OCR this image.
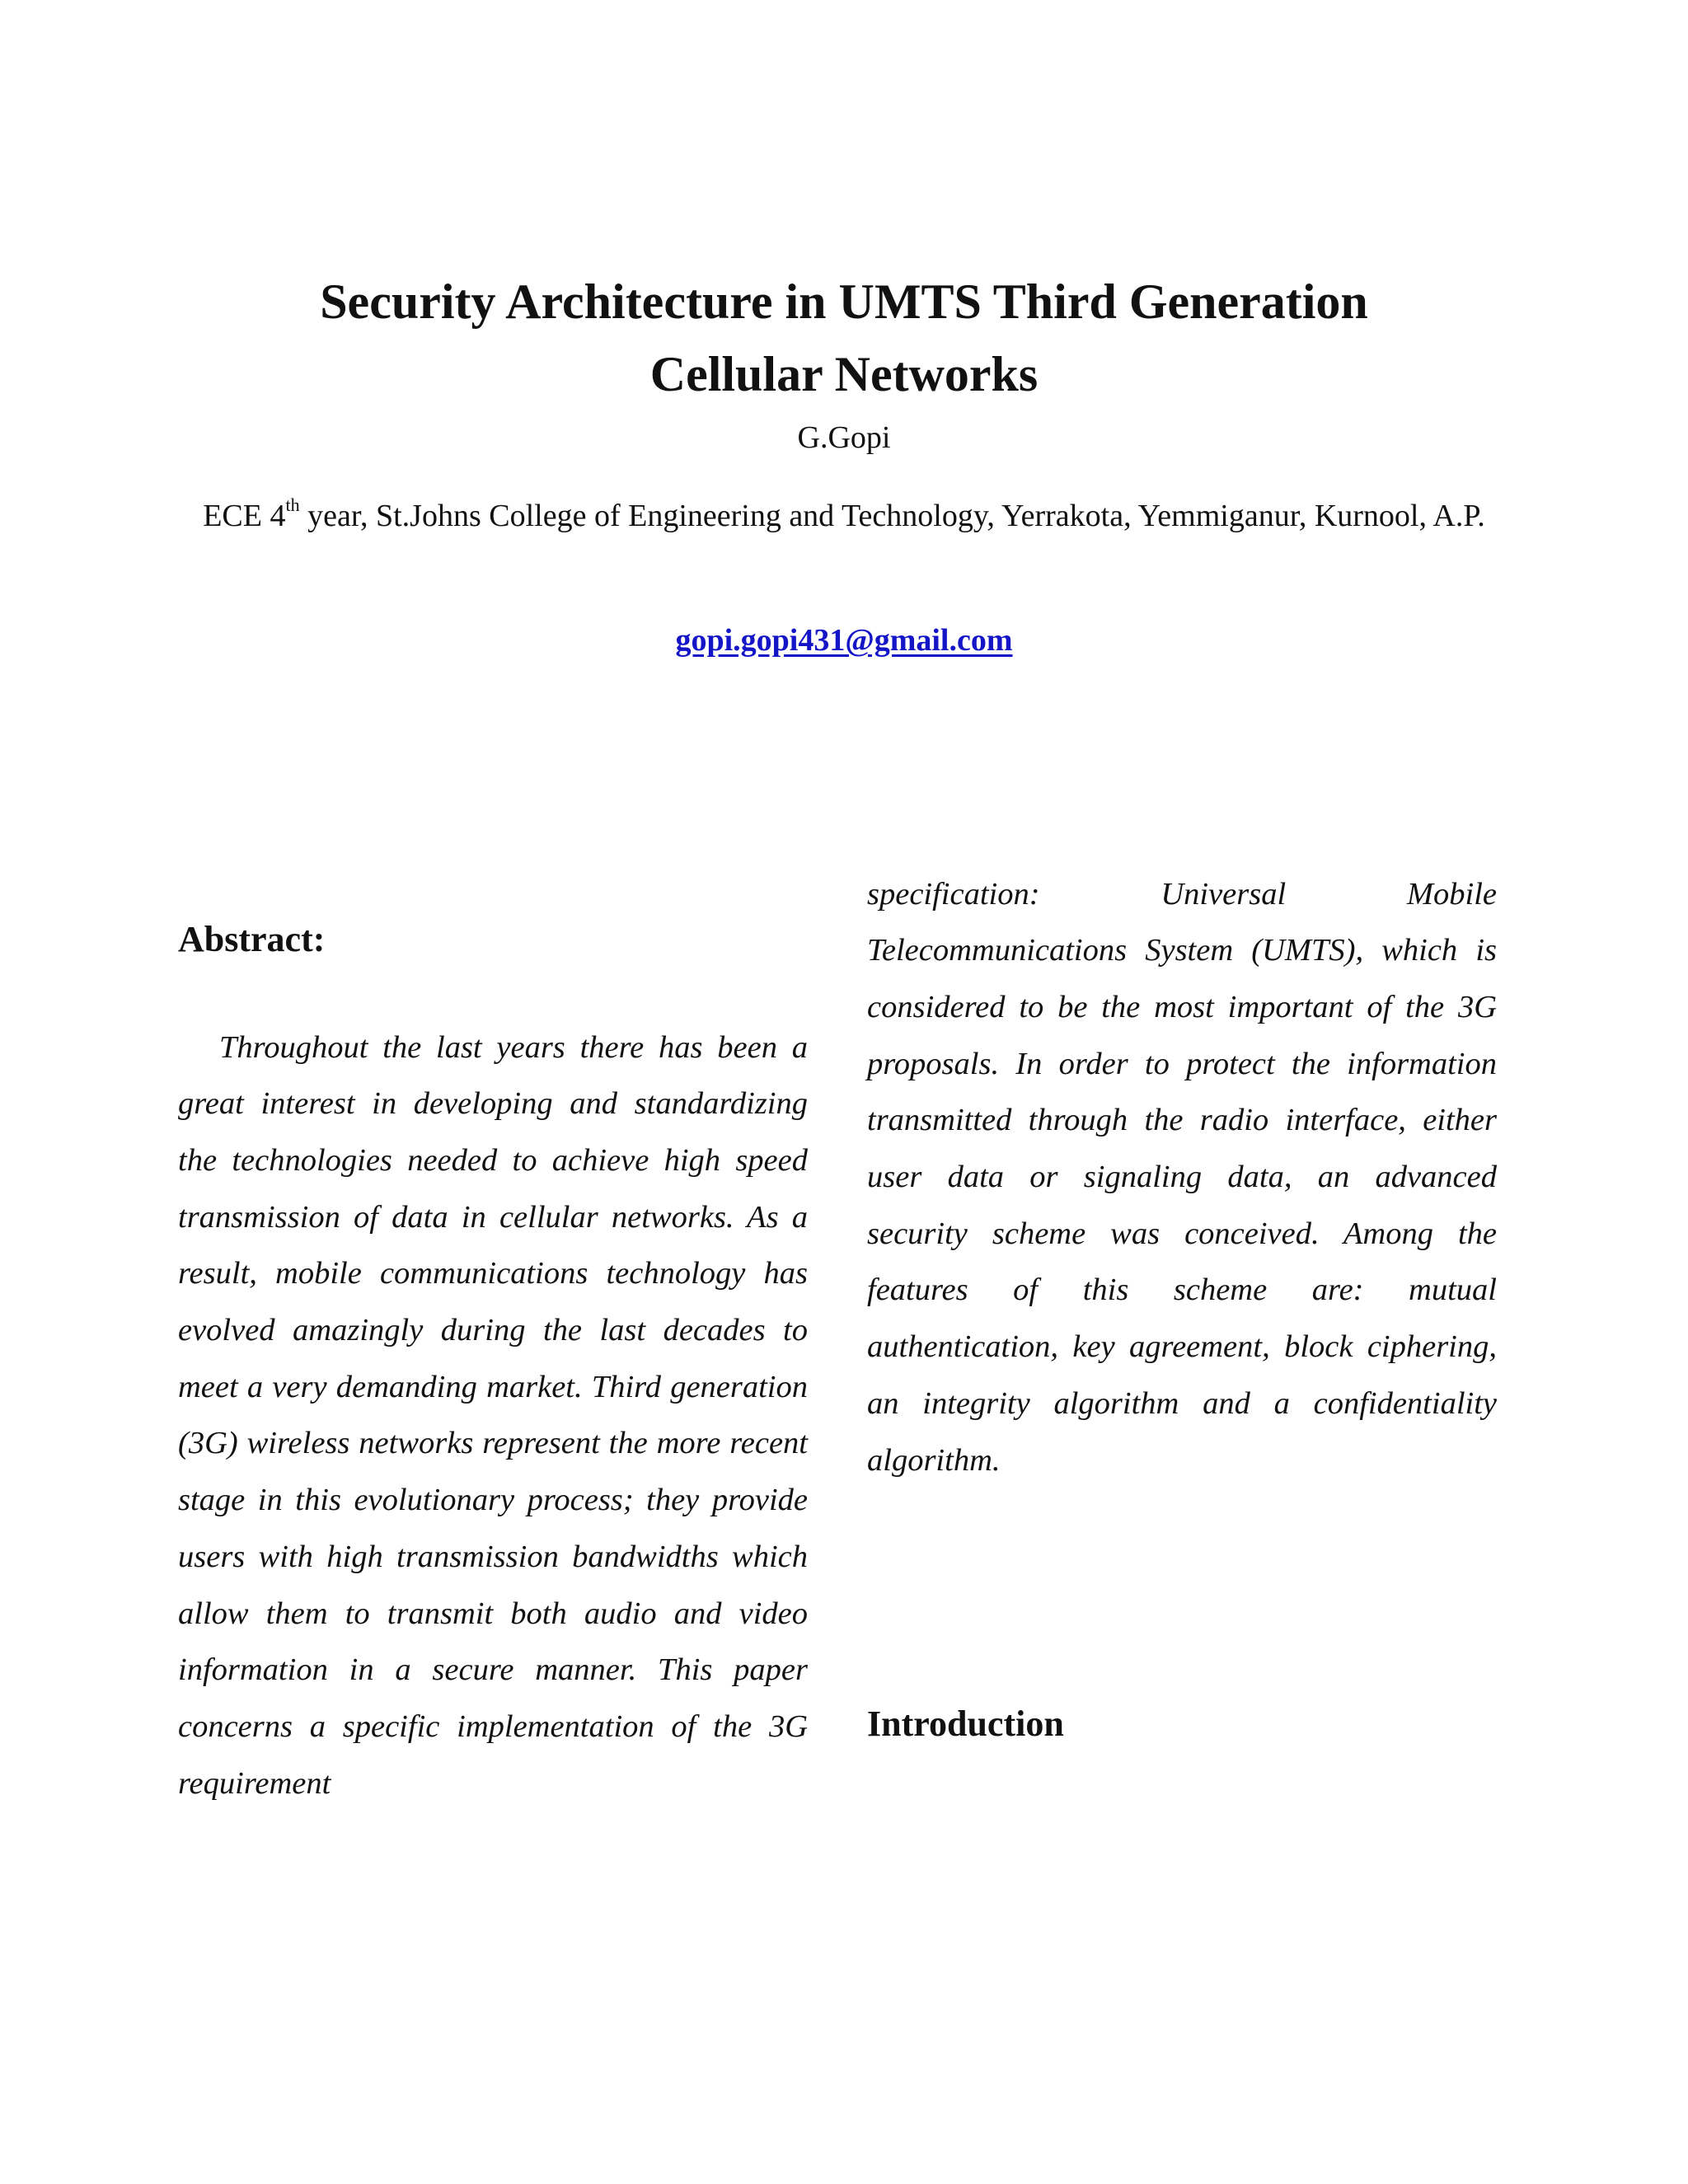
Security Architecture in UMTS Third Generation
Cellular Networks
G.Gopi
ECE 4th year, St.Johns College of Engineering and Technology, Yerrakota, Yemmiganur, Kurnool, A.P.
gopi.gopi431@gmail.com
Abstract:

Throughout the last years there has been a great interest in developing and standardizing the technologies needed to achieve high speed transmission of data in cellular networks. As a result, mobile communications technology has evolved amazingly during the last decades to meet a very demanding market. Third generation (3G) wireless networks represent the more recent stage in this evolutionary process; they provide users with high transmission bandwidths which allow them to transmit both audio and video information in a secure manner. This paper concerns a specific implementation of the 3G requirement

specification: Universal Mobile Telecommunications System (UMTS), which is considered to be the most important of the 3G proposals. In order to protect the information transmitted through the radio interface, either user data or signaling data, an advanced security scheme was conceived. Among the features of this scheme are: mutual authentication, key agreement, block ciphering, an integrity algorithm and a confidentiality algorithm.

Introduction
